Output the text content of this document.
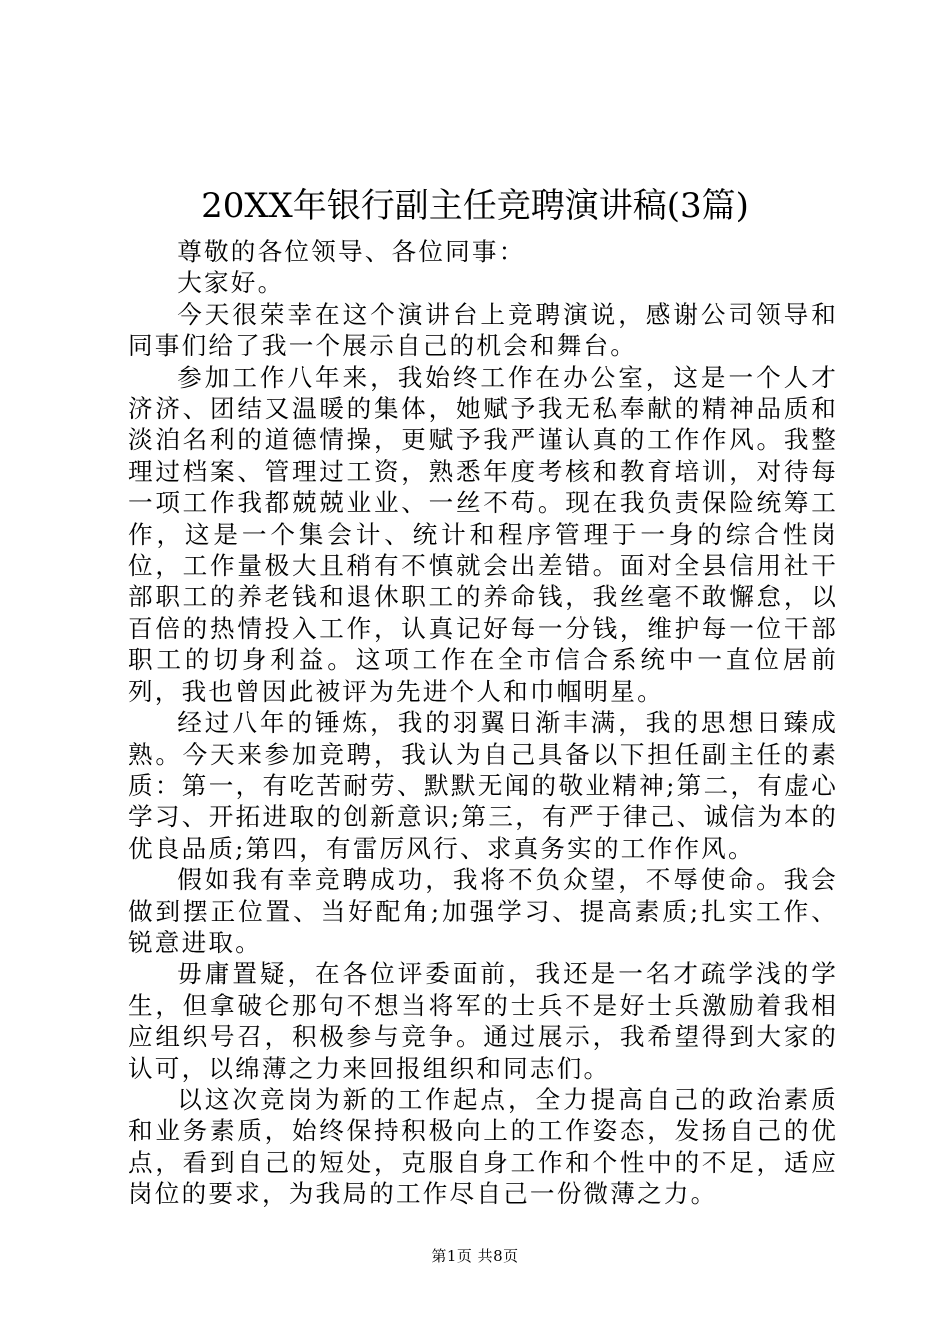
20XX年银行副主任竞聘演讲稿(3篇)

尊敬的各位领导、各位同事：

大家好。

今天很荣幸在这个演讲台上竞聘演说，感谢公司领导和同事们给了我一个展示自己的机会和舞台。

参加工作八年来，我始终工作在办公室，这是一个人才济济、团结又温暖的集体，她赋予我无私奉献的精神品质和淡泊名利的道德情操，更赋予我严谨认真的工作作风。我整理过档案、管理过工资，熟悉年度考核和教育培训，对待每一项工作我都兢兢业业、一丝不苟。现在我负责保险统筹工作，这是一个集会计、统计和程序管理于一身的综合性岗位，工作量极大且稍有不慎就会出差错。面对全县信用社干部职工的养老钱和退休职工的养命钱，我丝毫不敢懈怠，以百倍的热情投入工作，认真记好每一分钱，维护每一位干部职工的切身利益。这项工作在全市信合系统中一直位居前列，我也曾因此被评为先进个人和巾帼明星。

经过八年的锤炼，我的羽翼日渐丰满，我的思想日臻成熟。今天来参加竞聘，我认为自己具备以下担任副主任的素质：第一，有吃苦耐劳、默默无闻的敬业精神;第二，有虚心学习、开拓进取的创新意识;第三，有严于律己、诚信为本的优良品质;第四，有雷厉风行、求真务实的工作作风。

假如我有幸竞聘成功，我将不负众望，不辱使命。我会做到摆正位置、当好配角;加强学习、提高素质;扎实工作、锐意进取。

毋庸置疑，在各位评委面前，我还是一名才疏学浅的学生，但拿破仑那句不想当将军的士兵不是好士兵激励着我相应组织号召，积极参与竞争。通过展示，我希望得到大家的认可，以绵薄之力来回报组织和同志们。

以这次竞岗为新的工作起点，全力提高自己的政治素质和业务素质，始终保持积极向上的工作姿态，发扬自己的优点，看到自己的短处，克服自身工作和个性中的不足，适应岗位的要求，为我局的工作尽自己一份微薄之力。

第1页 共8页
